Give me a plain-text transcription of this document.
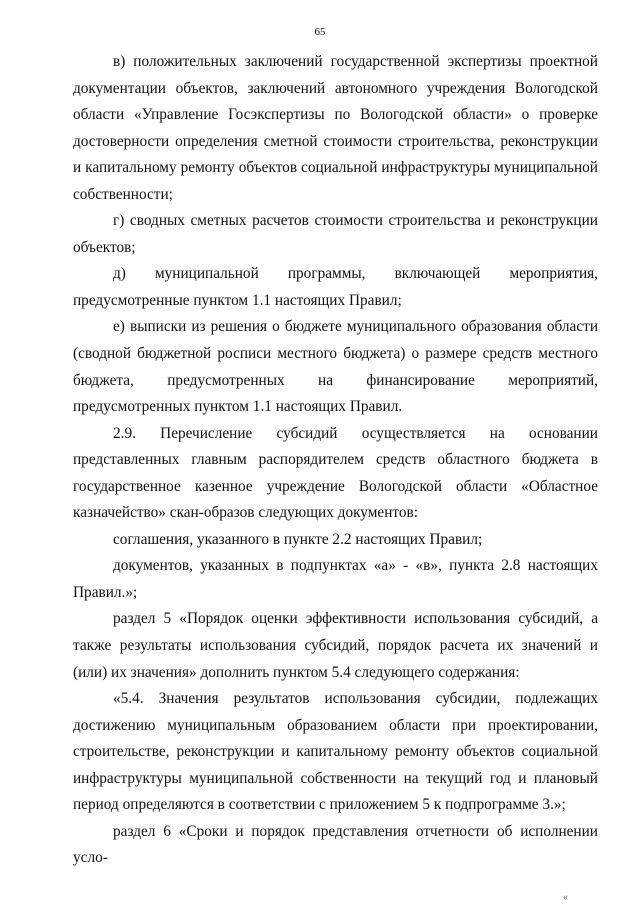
65

в) положительных заключений государственной экспертизы проектной документации объектов, заключений автономного учреждения Вологодской области «Управление Госэкспертизы по Вологодской области» о проверке достоверности определения сметной стоимости строительства, реконструкции и капитальному ремонту объектов социальной инфраструктуры муниципальной собственности;

г) сводных сметных расчетов стоимости строительства и реконструкции объектов;

д) муниципальной программы, включающей мероприятия, предусмотренные пунктом 1.1 настоящих Правил;

е) выписки из решения о бюджете муниципального образования области (сводной бюджетной росписи местного бюджета) о размере средств местного бюджета, предусмотренных на финансирование мероприятий, предусмотренных пунктом 1.1 настоящих Правил.

2.9. Перечисление субсидий осуществляется на основании представленных главным распорядителем средств областного бюджета в государственное казенное учреждение Вологодской области «Областное казначейство» скан-образов следующих документов:

соглашения, указанного в пункте 2.2 настоящих Правил;

документов, указанных в подпунктах «а» - «в», пункта 2.8 настоящих Правил.»;

раздел 5 «Порядок оценки эффективности использования субсидий, а также результаты использования субсидий, порядок расчета их значений и (или) их значения» дополнить пунктом 5.4 следующего содержания:

«5.4. Значения результатов использования субсидии, подлежащих достижению муниципальным образованием области при проектировании, строительстве, реконструкции и капитальному ремонту объектов социальной инфраструктуры муниципальной собственности на текущий год и плановый период определяются в соответствии с приложением 5 к подпрограмме 3.»;

раздел 6 «Сроки и порядок представления отчетности об исполнении усло-

«
